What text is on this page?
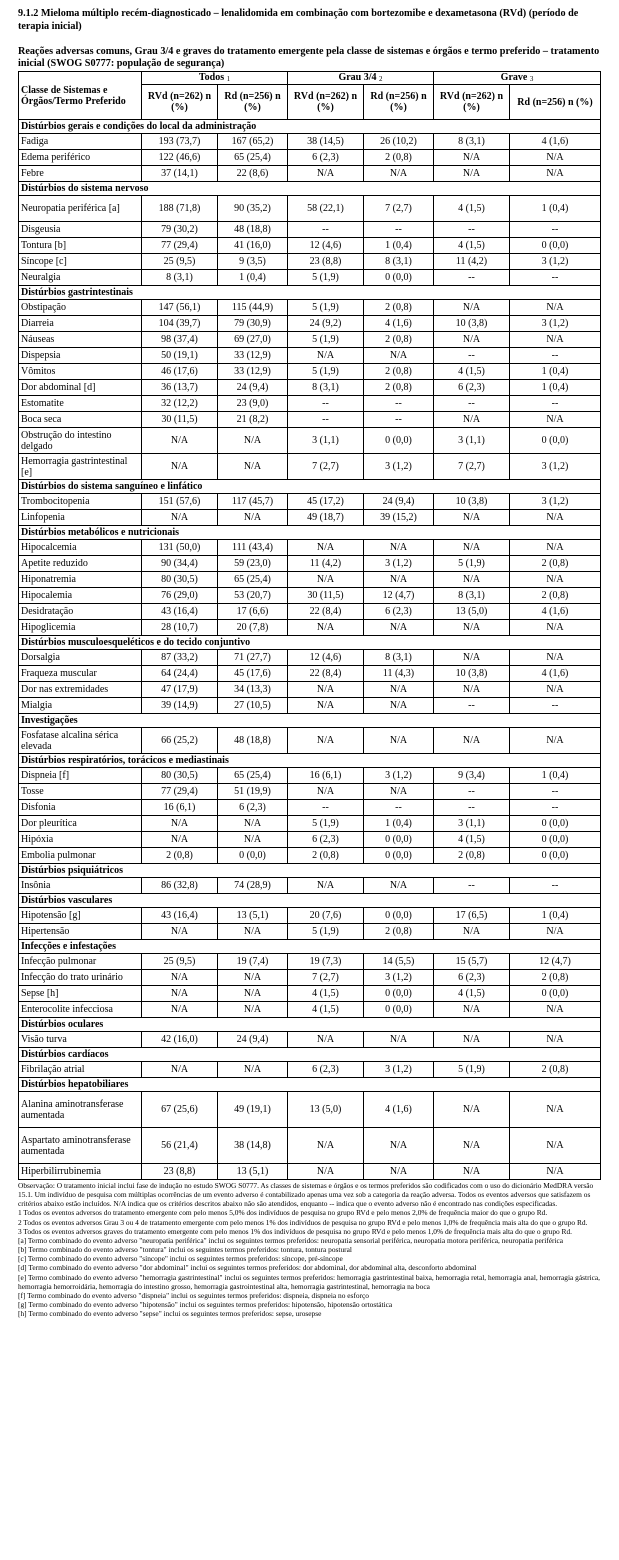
9.1.2 Mieloma múltiplo recém-diagnosticado – lenalidomida em combinação com bortezomibe e dexametasona (RVd) (período de terapia inicial)
Reações adversas comuns, Grau 3/4 e graves do tratamento emergente pela classe de sistemas e órgãos e termo preferido – tratamento inicial (SWOG S0777: população de segurança)
Classe de Sistemas e Órgãos/Termo Preferido	Todos $_1$		Grau 3/4 $_2$		Grave $_3$
	RVd (n=262) n (%)	Rd (n=256) n (%)	RVd (n=262) n (%)	Rd (n=256) n (%)	RVd (n=262) n (%)	Rd (n=256) n (%)
Distúrbios gerais e condições do local da administração						
Fadiga	193 (73,7)	167 (65,2)	38 (14,5)	26 (10,2)	8 (3,1)	4 (1,6)
Edema periférico	122 (46,6)	65 (25,4)	6 (2,3)	2 (0,8)	N/A	N/A
Febre	37 (14,1)	22 (8,6)	N/A	N/A	N/A	N/A
Distúrbios do sistema nervoso						
Neuropatia periférica [a]	188 (71,8)	90 (35,2)	58 (22,1)	7 (2,7)	4 (1,5)	1 (0,4)
Disgeusia	79 (30,2)	48 (18,8)	--	--	--	--
Tontura [b]	77 (29,4)	41 (16,0)	12 (4,6)	1 (0,4)	4 (1,5)	0 (0,0)
Síncope [c]	25 (9,5)	9 (3,5)	23 (8,8)	8 (3,1)	11 (4,2)	3 (1,2)
Neuralgia	8 (3,1)	1 (0,4)	5 (1,9)	0 (0,0)	--	--
Distúrbios gastrintestinais						
Obstipação	147 (56,1)	115 (44,9)	5 (1,9)	2 (0,8)	N/A	N/A
Diarreia	104 (39,7)	79 (30,9)	24 (9,2)	4 (1,6)	10 (3,8)	3 (1,2)
Náuseas	98 (37,4)	69 (27,0)	5 (1,9)	2 (0,8)	N/A	N/A
Dispepsia	50 (19,1)	33 (12,9)	N/A	N/A	--	--
Vômitos	46 (17,6)	33 (12,9)	5 (1,9)	2 (0,8)	4 (1,5)	1 (0,4)
Dor abdominal [d]	36 (13,7)	24 (9,4)	8 (3,1)	2 (0,8)	6 (2,3)	1 (0,4)
Estomatite	32 (12,2)	23 (9,0)	--	--	--	--
Boca seca	30 (11,5)	21 (8,2)	--	--	N/A	N/A
Obstrução do intestino delgado	N/A	N/A	3 (1,1)	0 (0,0)	3 (1,1)	0 (0,0)
Hemorragia gastrintestinal [e]	N/A	N/A	7 (2,7)	3 (1,2)	7 (2,7)	3 (1,2)
Distúrbios do sistema sanguíneo e linfático						
Trombocitopenia	151 (57,6)	117 (45,7)	45 (17,2)	24 (9,4)	10 (3,8)	3 (1,2)
Linfopenia	N/A	N/A	49 (18,7)	39 (15,2)	N/A	N/A
Distúrbios metabólicos e nutricionais						
Hipocalcemia	131 (50,0)	111 (43,4)	N/A	N/A	N/A	N/A
Apetite reduzido	90 (34,4)	59 (23,0)	11 (4,2)	3 (1,2)	5 (1,9)	2 (0,8)
Hiponatremia	80 (30,5)	65 (25,4)	N/A	N/A	N/A	N/A
Hipocalemia	76 (29,0)	53 (20,7)	30 (11,5)	12 (4,7)	8 (3,1)	2 (0,8)
Desidratação	43 (16,4)	17 (6,6)	22 (8,4)	6 (2,3)	13 (5,0)	4 (1,6)
Hipoglicemia	28 (10,7)	20 (7,8)	N/A	N/A	N/A	N/A
Distúrbios musculoesqueléticos e do tecido conjuntivo						
Dorsalgia	87 (33,2)	71 (27,7)	12 (4,6)	8 (3,1)	N/A	N/A
Fraqueza muscular	64 (24,4)	45 (17,6)	22 (8,4)	11 (4,3)	10 (3,8)	4 (1,6)
Dor nas extremidades	47 (17,9)	34 (13,3)	N/A	N/A	N/A	N/A
Mialgia	39 (14,9)	27 (10,5)	N/A	N/A	--	--
Investigações						
Fosfatase alcalina sérica elevada	66 (25,2)	48 (18,8)	N/A	N/A	N/A	N/A
Distúrbios respiratórios, torácicos e mediastinais						
Dispneia [f]	80 (30,5)	65 (25,4)	16 (6,1)	3 (1,2)	9 (3,4)	1 (0,4)
Tosse	77 (29,4)	51 (19,9)	N/A	N/A	--	--
Disfonia	16 (6,1)	6 (2,3)	--	--	--	--
Dor pleurítica	N/A	N/A	5 (1,9)	1 (0,4)	3 (1,1)	0 (0,0)
Hipóxia	N/A	N/A	6 (2,3)	0 (0,0)	4 (1,5)	0 (0,0)
Embolia pulmonar	2 (0,8)	0 (0,0)	2 (0,8)	0 (0,0)	2 (0,8)	0 (0,0)
Distúrbios psiquiátricos						
Insônia	86 (32,8)	74 (28,9)	N/A	N/A	--	--
Distúrbios vasculares						
Hipotensão [g]	43 (16,4)	13 (5,1)	20 (7,6)	0 (0,0)	17 (6,5)	1 (0,4)
Hipertensão	N/A	N/A	5 (1,9)	2 (0,8)	N/A	N/A
Infecções e infestações						
Infecção pulmonar	25 (9,5)	19 (7,4)	19 (7,3)	14 (5,5)	15 (5,7)	12 (4,7)
Infecção do trato urinário	N/A	N/A	7 (2,7)	3 (1,2)	6 (2,3)	2 (0,8)
Sepse [h]	N/A	N/A	4 (1,5)	0 (0,0)	4 (1,5)	0 (0,0)
Enterocolite infecciosa	N/A	N/A	4 (1,5)	0 (0,0)	N/A	N/A
Distúrbios oculares						
Visão turva	42 (16,0)	24 (9,4)	N/A	N/A	N/A	N/A
Distúrbios cardíacos						
Fibrilação atrial	N/A	N/A	6 (2,3)	3 (1,2)	5 (1,9)	2 (0,8)
Distúrbios hepatobiliares						
Alanina aminotransferase aumentada	67 (25,6)	49 (19,1)	13 (5,0)	4 (1,6)	N/A	N/A
Aspartato aminotransferase aumentada	56 (21,4)	38 (14,8)	N/A	N/A	N/A	N/A
Hiperbilirrubinemia	23 (8,8)	13 (5,1)	N/A	N/A	N/A	N/A

Observação: O tratamento inicial inclui fase de indução no estudo SWOG S0777. As classes de sistemas e órgãos e os termos preferidos são codificados com o uso do dicionário MedDRA versão

15.1. Um indivíduo de pesquisa com múltiplas ocorrências de um evento adverso é contabilizado apenas uma vez sob a categoria da reação adversa. Todos os eventos adversos que satisfazem os

critérios abaixo estão incluídos. N/A indica que os critérios descritos abaixo não são atendidos, enquanto -- indica que o evento adverso não é encontrado nas condições especificadas.

1 Todos os eventos adversos do tratamento emergente com pelo menos 5,0% dos indivíduos de pesquisa no grupo RVd e pelo menos 2,0% de frequência maior do que o grupo Rd.

2 Todos os eventos adversos Grau 3 ou 4 de tratamento emergente com pelo menos 1% dos indivíduos de pesquisa no grupo RVd e pelo menos 1,0% de frequência mais alta do que o grupo Rd.

3 Todos os eventos adversos graves do tratamento emergente com pelo menos 1% dos indivíduos de pesquisa no grupo RVd e pelo menos 1,0% de frequência mais alta do que o grupo Rd.

[a] Termo combinado do evento adverso "neuropatia periférica" inclui os seguintes termos preferidos: neuropatia sensorial periférica, neuropatia motora periférica, neuropatia periférica

[b] Termo combinado do evento adverso "tontura" inclui os seguintes termos preferidos: tontura, tontura postural

[c] Termo combinado do evento adverso "síncope" inclui os seguintes termos preferidos: síncope, pré-síncope

[d] Termo combinado do evento adverso "dor abdominal" inclui os seguintes termos preferidos: dor abdominal, dor abdominal alta, desconforto abdominal

[e] Termo combinado do evento adverso "hemorragia gastrintestinal" inclui os seguintes termos preferidos: hemorragia gastrintestinal baixa, hemorragia retal, hemorragia anal, hemorragia gástrica, hemorragia hemorroidária, hemorragia do intestino grosso, hemorragia gastrointestinal alta, hemorragia gastrintestinal, hemorragia na boca

[f] Termo combinado do evento adverso "dispneia" inclui os seguintes termos preferidos: dispneia, dispneia no esforço

[g] Termo combinado do evento adverso "hipotensão" inclui os seguintes termos preferidos: hipotensão, hipotensão ortostática

[h] Termo combinado do evento adverso "sepse" inclui os seguintes termos preferidos: sepse, urosepse
